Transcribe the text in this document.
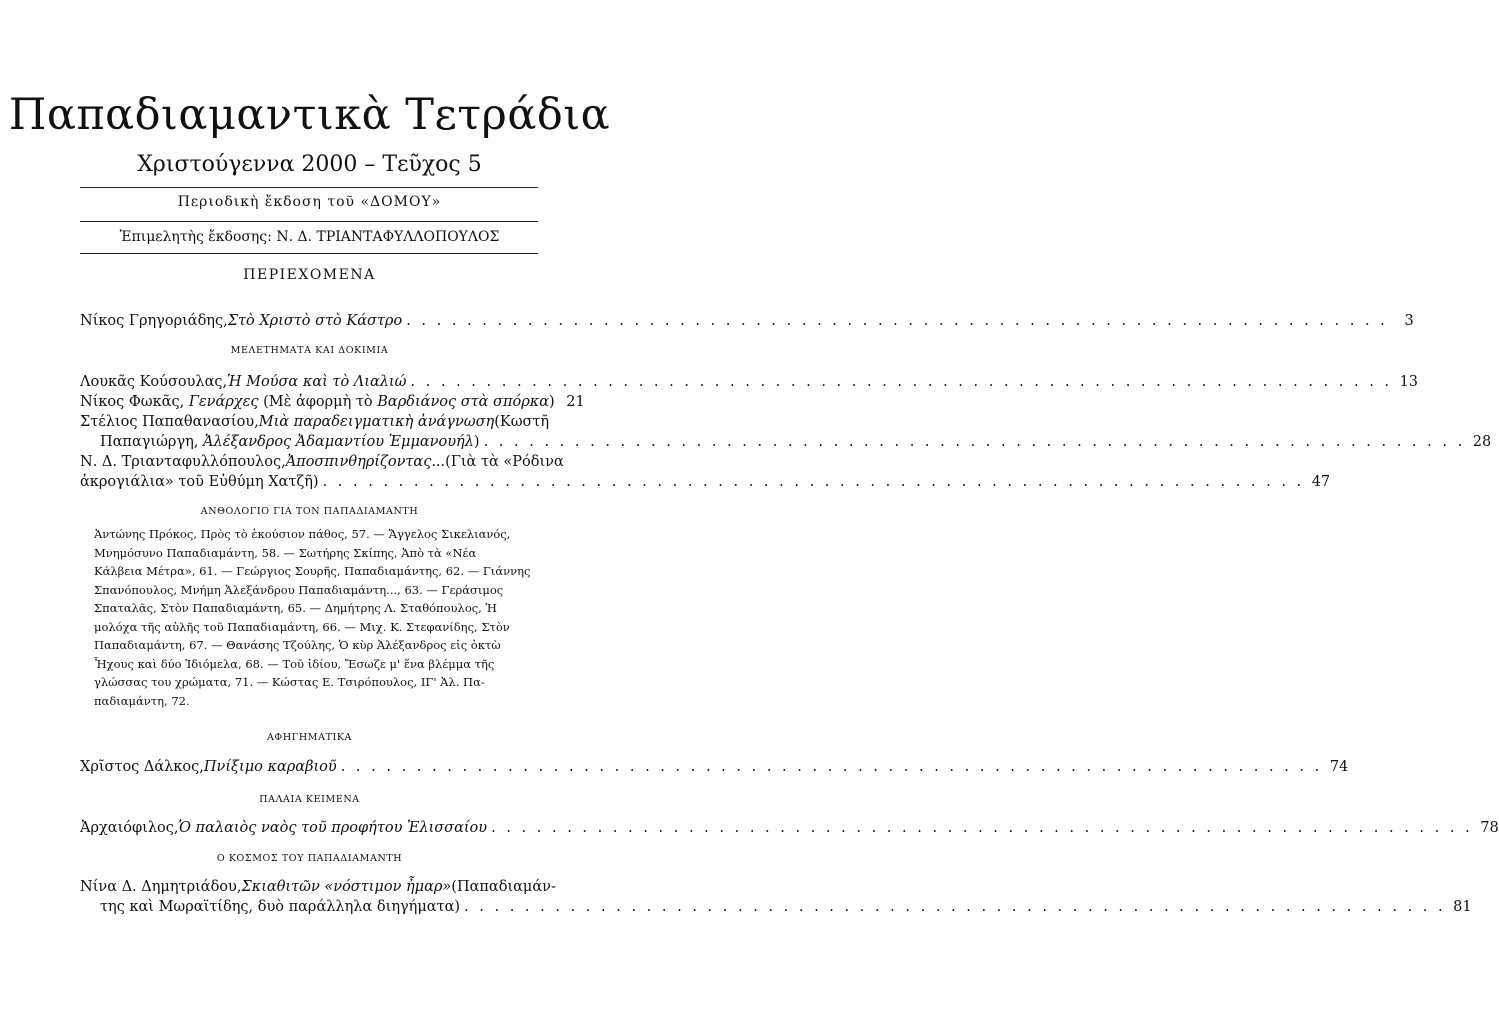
Παπαδιαμαντικὰ Τετράδια
Χριστούγεννα 2000 – Τεῦχος 5
Περιοδικὴ ἔκδοση τοῦ «ΔΟΜΟΥ»
Ἐπιμελητὴς ἔκδοσης: Ν. Δ. ΤΡΙΑΝΤΑΦΥΛΛΟΠΟΥΛΟΣ
ΠΕΡΙΕΧΟΜΕΝΑ
Νίκος Γρηγοριάδης, Στὸ Χριστὸ στὸ Κάστρο . . .	3
ΜΕΛΕΤΗΜΑΤΑ ΚΑΙ ΔΟΚΙΜΙΑ
Λουκᾶς Κούσουλας, Ἡ Μούσα καὶ τὸ Λιαλιώ . . .	13
Νίκος Φωκᾶς, Γενάρχες (Μὲ ἀφορμὴ τὸ Βαρδιάνος στὰ σπόρκα) 21
Στέλιος Παπαθανασίου, Μιὰ παραδειγματικὴ ἀνάγνωση (Κωστῆ
Παπαγιώργη, Ἀλέξανδρος Ἀδαμαντίου Ἐμμανουήλ) . . .	28
Ν. Δ. Τριανταφυλλόπουλος, Ἀποσπινθηρίζοντας... (Γιὰ τὰ «Ρόδινα
ἀκρογιάλια» τοῦ Εὐθύμη Χατζῆ) . . .	47
ΑΝΘΟΛΟΓΙΟ ΓΙΑ ΤΟΝ ΠΑΠΑΔΙΑΜΑΝΤΗ
Ἀντώνης Πρόκος, Πρὸς τὸ ἑκούσιον πάθος, 57. — Ἄγγελος Σικελιανός,
Μνημόσυνο Παπαδιαμάντη, 58. — Σωτήρης Σκίπης, Ἀπὸ τὰ «Νέα
Κάλβεια Μέτρα», 61. — Γεώργιος Σουρῆς, Παπαδιαμάντης, 62. — Γιάννης
Σπανόπουλος, Μνήμη Ἀλεξάνδρου Παπαδιαμάντη..., 63. — Γεράσιμος
Σπαταλᾶς, Στὸν Παπαδιαμάντη, 65. — Δημήτρης Λ. Σταθόπουλος, Ἡ
μολόχα τῆς αὐλῆς τοῦ Παπαδιαμάντη, 66. — Μιχ. Κ. Στεφανίδης, Στὸν
Παπαδιαμάντη, 67. — Θανάσης Τζούλης, Ὁ κὺρ Ἀλέξανδρος εἰς ὀκτὼ
Ἦχους καὶ δύο Ἰδιόμελα, 68. — Τοῦ ἰδίου, Ἔσωζε μ' ἕνα βλέμμα τῆς
γλώσσας του χρώματα, 71. — Κώστας Ε. Τσιρόπουλος, ΙΓ' Ἀλ. Πα-
παδιαμάντη, 72.
ΑΦΗΓΗΜΑΤΙΚΑ
Χρῖστος Δάλκος, Πνίξιμο καραβιοῦ . . .	74
ΠΑΛΑΙΑ ΚΕΙΜΕΝΑ
Ἀρχαιόφιλος, Ὁ παλαιὸς ναὸς τοῦ προφήτου Ἐλισσαίου . . .	78
Ο ΚΟΣΜΟΣ ΤΟΥ ΠΑΠΑΔΙΑΜΑΝΤΗ
Νίνα Δ. Δημητριάδου, Σκιαθιτῶν «νόστιμον ἦμαρ» (Παπαδιαμάν-
της καὶ Μωραϊτίδης, δυὸ παράλληλα διηγήματα) . . .	81
